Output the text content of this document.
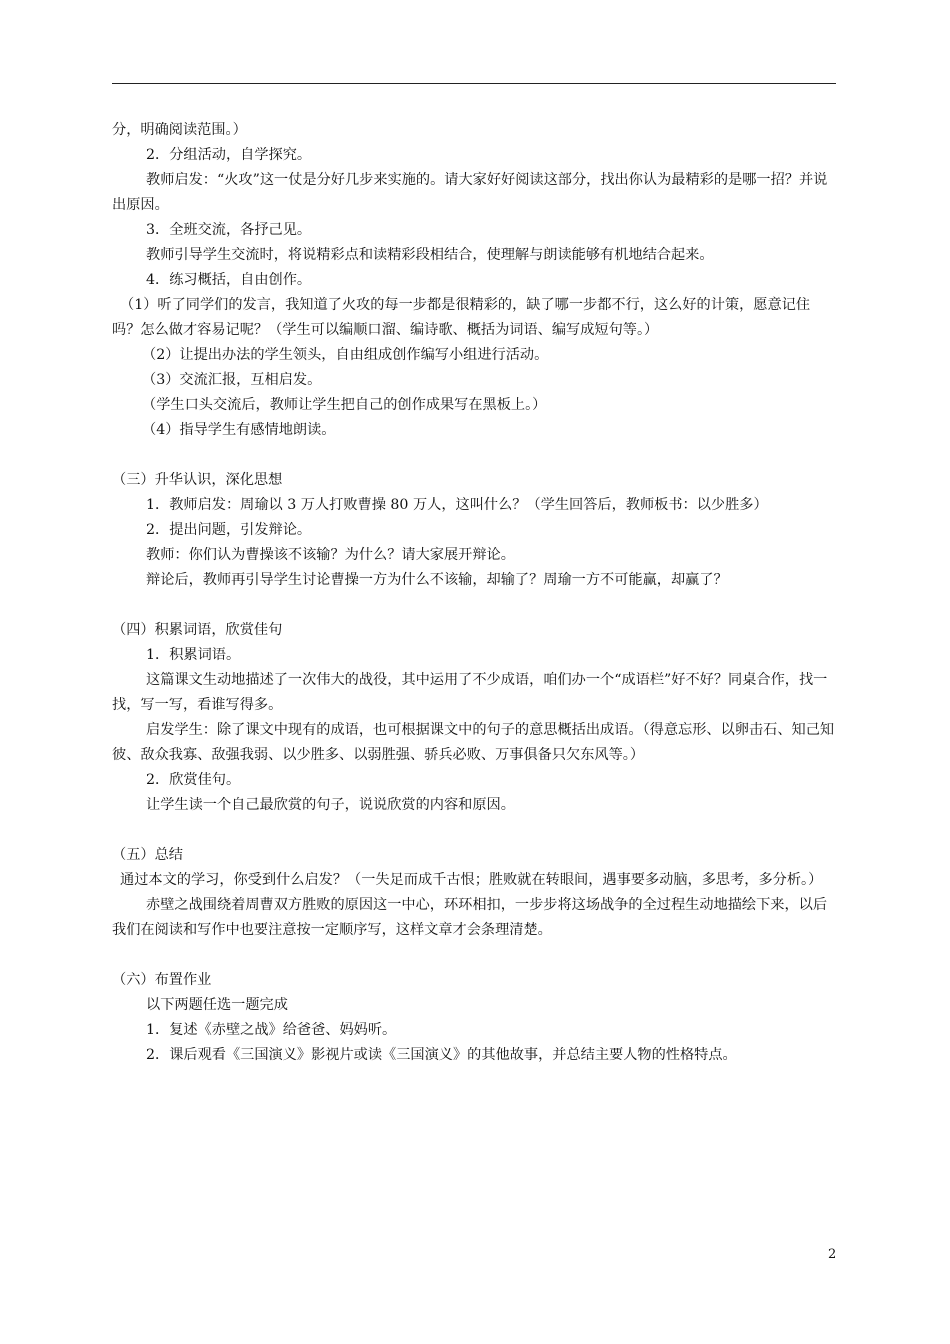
分，明确阅读范围。）

2．分组活动，自学探究。

教师启发：“火攻”这一仗是分好几步来实施的。请大家好好阅读这部分，找出你认为最精彩的是哪一招？并说出原因。

3．全班交流，各抒己见。

教师引导学生交流时，将说精彩点和读精彩段相结合，使理解与朗读能够有机地结合起来。

4．练习概括，自由创作。

（1）听了同学们的发言，我知道了火攻的每一步都是很精彩的，缺了哪一步都不行，这么好的计策，愿意记住吗？怎么做才容易记呢？（学生可以编顺口溜、编诗歌、概括为词语、编写成短句等。）

（2）让提出办法的学生领头，自由组成创作编写小组进行活动。

（3）交流汇报，互相启发。

（学生口头交流后，教师让学生把自己的创作成果写在黑板上。）

（4）指导学生有感情地朗读。

（三）升华认识，深化思想

1．教师启发：周瑜以 3 万人打败曹操 80 万人，这叫什么？（学生回答后，教师板书：以少胜多）

2．提出问题，引发辩论。

教师：你们认为曹操该不该输？为什么？请大家展开辩论。

辩论后，教师再引导学生讨论曹操一方为什么不该输，却输了？周瑜一方不可能赢，却赢了？

（四）积累词语，欣赏佳句

1．积累词语。

这篇课文生动地描述了一次伟大的战役，其中运用了不少成语，咱们办一个“成语栏”好不好？同桌合作，找一找，写一写，看谁写得多。

启发学生：除了课文中现有的成语，也可根据课文中的句子的意思概括出成语。（得意忘形、以卵击石、知己知彼、敌众我寡、敌强我弱、以少胜多、以弱胜强、骄兵必败、万事俱备只欠东风等。）

2．欣赏佳句。

让学生读一个自己最欣赏的句子，说说欣赏的内容和原因。

（五）总结

通过本文的学习，你受到什么启发？（一失足而成千古恨；胜败就在转眼间，遇事要多动脑，多思考，多分析。）

赤壁之战围绕着周曹双方胜败的原因这一中心，环环相扣，一步步将这场战争的全过程生动地描绘下来，以后我们在阅读和写作中也要注意按一定顺序写，这样文章才会条理清楚。

（六）布置作业

以下两题任选一题完成

1．复述《赤壁之战》给爸爸、妈妈听。

2．课后观看《三国演义》影视片或读《三国演义》的其他故事，并总结主要人物的性格特点。

2
